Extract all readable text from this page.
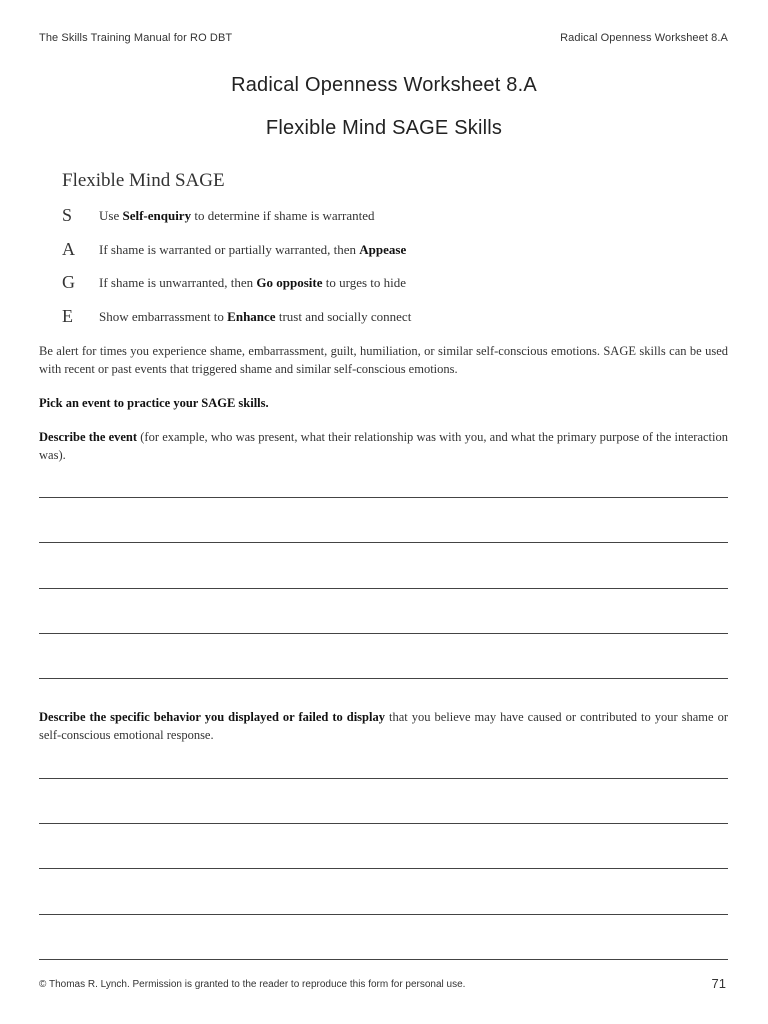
The Skills Training Manual for RO DBT	Radical Openness Worksheet 8.A
Radical Openness Worksheet 8.A
Flexible Mind SAGE Skills
Flexible Mind SAGE
S Use Self-enquiry to determine if shame is warranted
A If shame is warranted or partially warranted, then Appease
G If shame is unwarranted, then Go opposite to urges to hide
E Show embarrassment to Enhance trust and socially connect
Be alert for times you experience shame, embarrassment, guilt, humiliation, or similar self-conscious emotions. SAGE skills can be used with recent or past events that triggered shame and similar self-conscious emotions.
Pick an event to practice your SAGE skills.
Describe the event (for example, who was present, what their relationship was with you, and what the primary purpose of the interaction was).
Describe the specific behavior you displayed or failed to display that you believe may have caused or contributed to your shame or self-conscious emotional response.
© Thomas R. Lynch. Permission is granted to the reader to reproduce this form for personal use.	71
